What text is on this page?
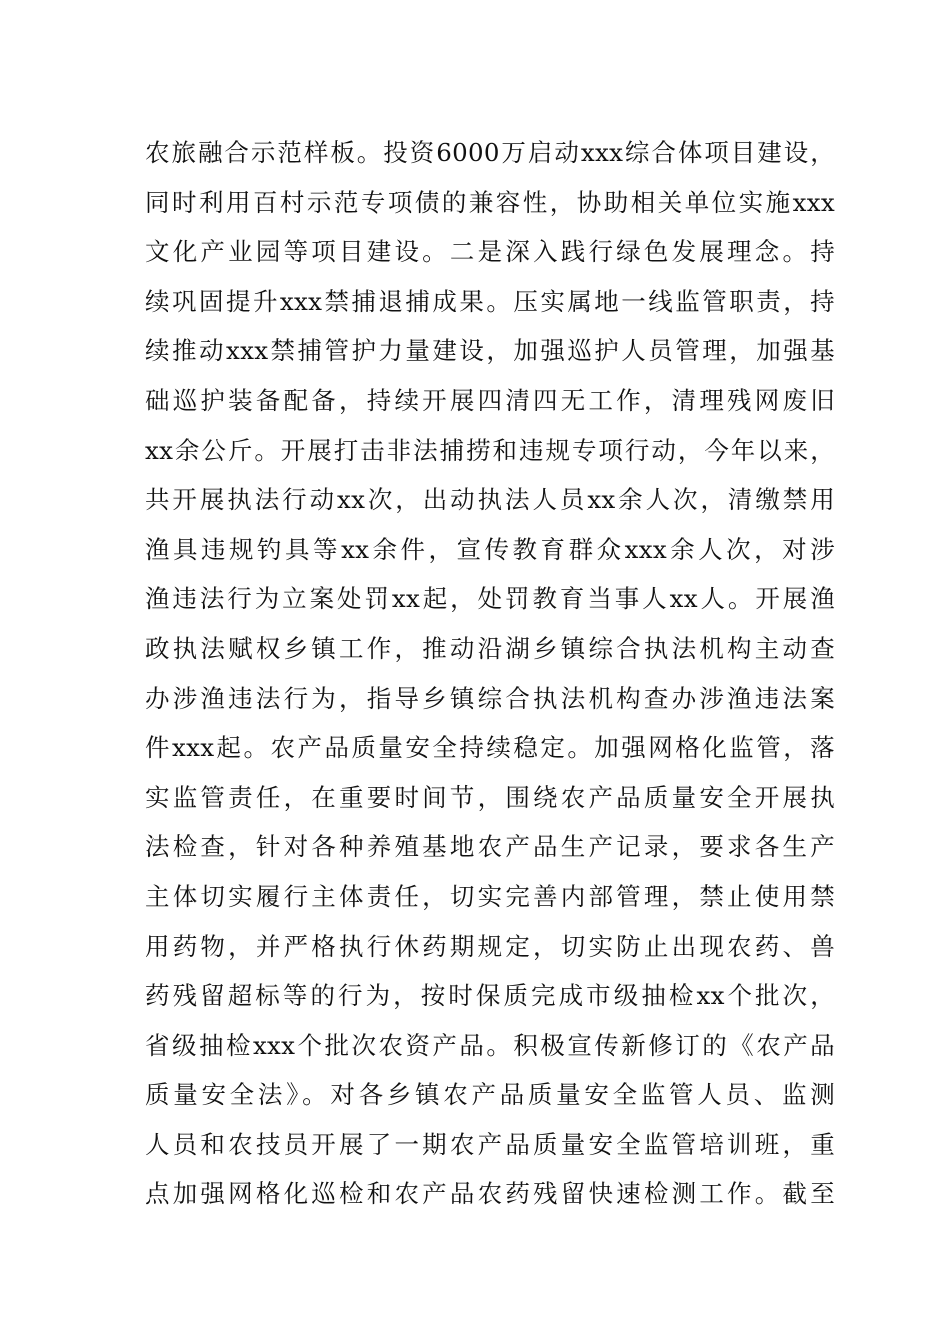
农旅融合示范样板。投资6000万启动xxx综合体项目建设，
同时利用百村示范专项债的兼容性，协助相关单位实施xxx
文化产业园等项目建设。二是深入践行绿色发展理念。持
续巩固提升xxx禁捕退捕成果。压实属地一线监管职责，持
续推动xxx禁捕管护力量建设，加强巡护人员管理，加强基
础巡护装备配备，持续开展四清四无工作，清理残网废旧
xx余公斤。开展打击非法捕捞和违规专项行动，今年以来，
共开展执法行动xx次，出动执法人员xx余人次，清缴禁用
渔具违规钓具等xx余件，宣传教育群众xxx余人次，对涉
渔违法行为立案处罚xx起，处罚教育当事人xx人。开展渔
政执法赋权乡镇工作，推动沿湖乡镇综合执法机构主动查
办涉渔违法行为，指导乡镇综合执法机构查办涉渔违法案
件xxx起。农产品质量安全持续稳定。加强网格化监管，落
实监管责任，在重要时间节，围绕农产品质量安全开展执
法检查，针对各种养殖基地农产品生产记录，要求各生产
主体切实履行主体责任，切实完善内部管理，禁止使用禁
用药物，并严格执行休药期规定，切实防止出现农药、兽
药残留超标等的行为，按时保质完成市级抽检xx个批次，
省级抽检xxx个批次农资产品。积极宣传新修订的《农产品
质量安全法》。对各乡镇农产品质量安全监管人员、监测
人员和农技员开展了一期农产品质量安全监管培训班，重
点加强网格化巡检和农产品农药残留快速检测工作。截至
